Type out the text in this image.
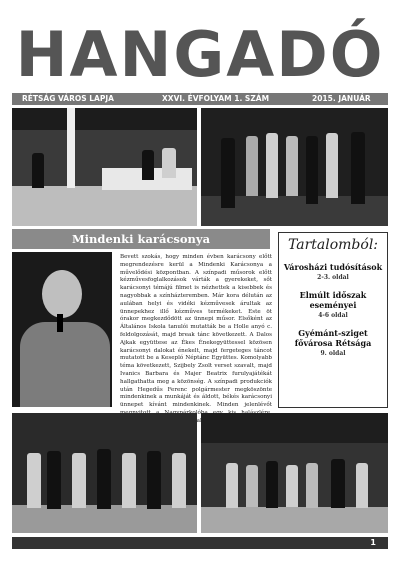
HANGADÓ
RÉTSÁG VÁROS LAPJA	XXVI. ÉVFOLYAM 1. SZÁM	2015. JANUÁR
Mindenki karácsonya
Bevett szokás, hogy minden évben karácsony előtt megrendezésre kerül a Mindenki Karácsonya a művelődési központban. A színpadi műsorok előtt kézművesfoglalkozások várták a gyerekeket, sőt karácsonyi témájú filmet is nézhettek a kisebbek és nagyobbak a színházteremben. Már kora délután az aulában helyi és vidéki kézművesek árultak az ünnepekhez illő kézműves termékeket. Este öt órakor megkezdődött az ünnepi műsor. Elsőként az Általános Iskola tanulói mutatták be a Holle anyó c. feldolgozását, majd break tánc következett. A Dalos Ajkak együttese az Ékes Énekegyüttessel közösen karácsonyi dalokat énekelt, majd fergeteges táncot mutatott be a Kesepló Néptánc Együttes. Komolyabb téma következett, Szijbely Zsolt verset szavalt, majd Ivanics Barbara és Majer Beatrix furulyajátékát hallgathatta meg a közönség. A színpadi produkciók után Hegedűs Ferenc polgármester megköszönte mindenkinek a munkáját és áldott, békés karácsonyi ünnepet kívánt mindenkinek. Minden jelenlévőt
Tartalomból:
Városházi tudósítások
2-3. oldal
Elmúlt időszak eseményei
4-6 oldal
Gyémánt-sziget fővárosa Rétsága
9. oldal
1
